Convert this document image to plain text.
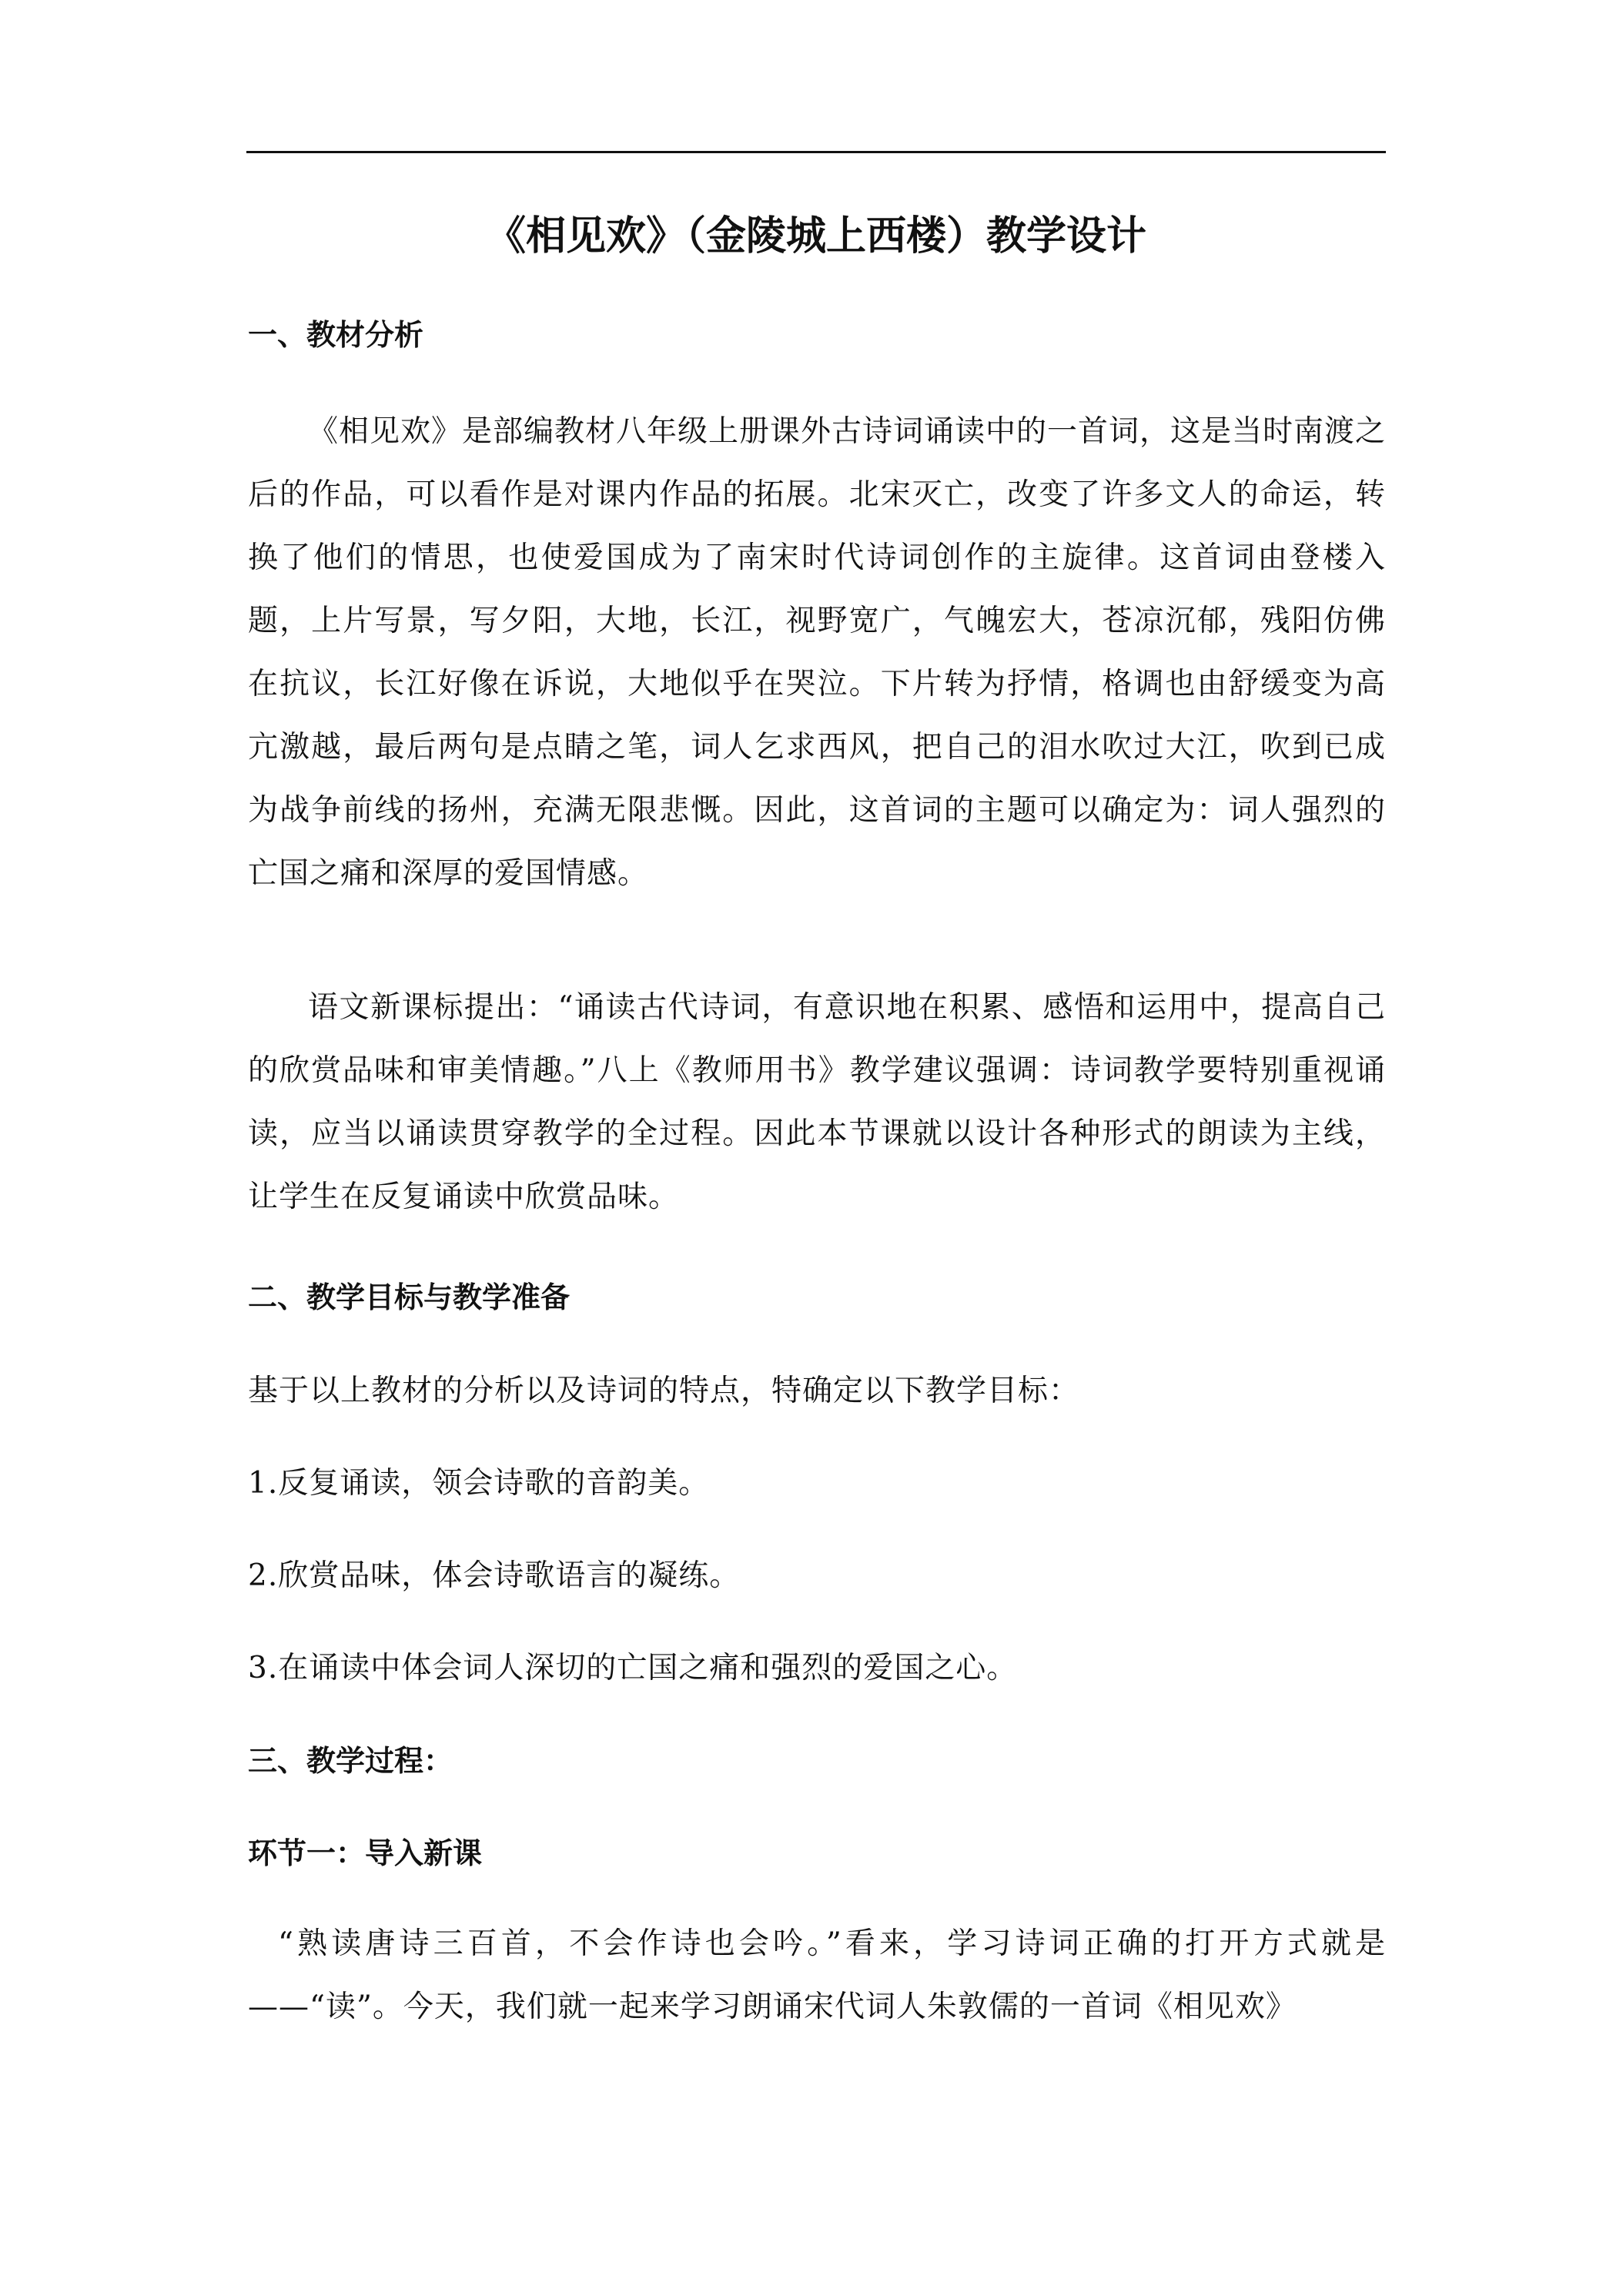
《相见欢》（金陵城上西楼）教学设计
一、教材分析

《相见欢》是部编教材八年级上册课外古诗词诵读中的一首词，这是当时南渡之后的作品，可以看作是对课内作品的拓展。北宋灭亡，改变了许多文人的命运，转换了他们的情思，也使爱国成为了南宋时代诗词创作的主旋律。这首词由登楼入题，上片写景，写夕阳，大地，长江，视野宽广，气魄宏大，苍凉沉郁，残阳仿佛在抗议，长江好像在诉说，大地似乎在哭泣。下片转为抒情，格调也由舒缓变为高亢激越，最后两句是点睛之笔，词人乞求西风，把自己的泪水吹过大江，吹到已成为战争前线的扬州，充满无限悲慨。因此，这首词的主题可以确定为：词人强烈的亡国之痛和深厚的爱国情感。

语文新课标提出：“诵读古代诗词，有意识地在积累、感悟和运用中，提高自己的欣赏品味和审美情趣。”八上《教师用书》教学建议强调：诗词教学要特别重视诵读，应当以诵读贯穿教学的全过程。因此本节课就以设计各种形式的朗读为主线，让学生在反复诵读中欣赏品味。

二、教学目标与教学准备
基于以上教材的分析以及诗词的特点，特确定以下教学目标：
1.反复诵读，领会诗歌的音韵美。
2.欣赏品味，体会诗歌语言的凝练。
3.在诵读中体会词人深切的亡国之痛和强烈的爱国之心。
三、教学过程：
环节一：导入新课

“熟读唐诗三百首，不会作诗也会吟。”看来，学习诗词正确的打开方式就是——“读”。今天，我们就一起来学习朗诵宋代词人朱敦儒的一首词《相见欢》
